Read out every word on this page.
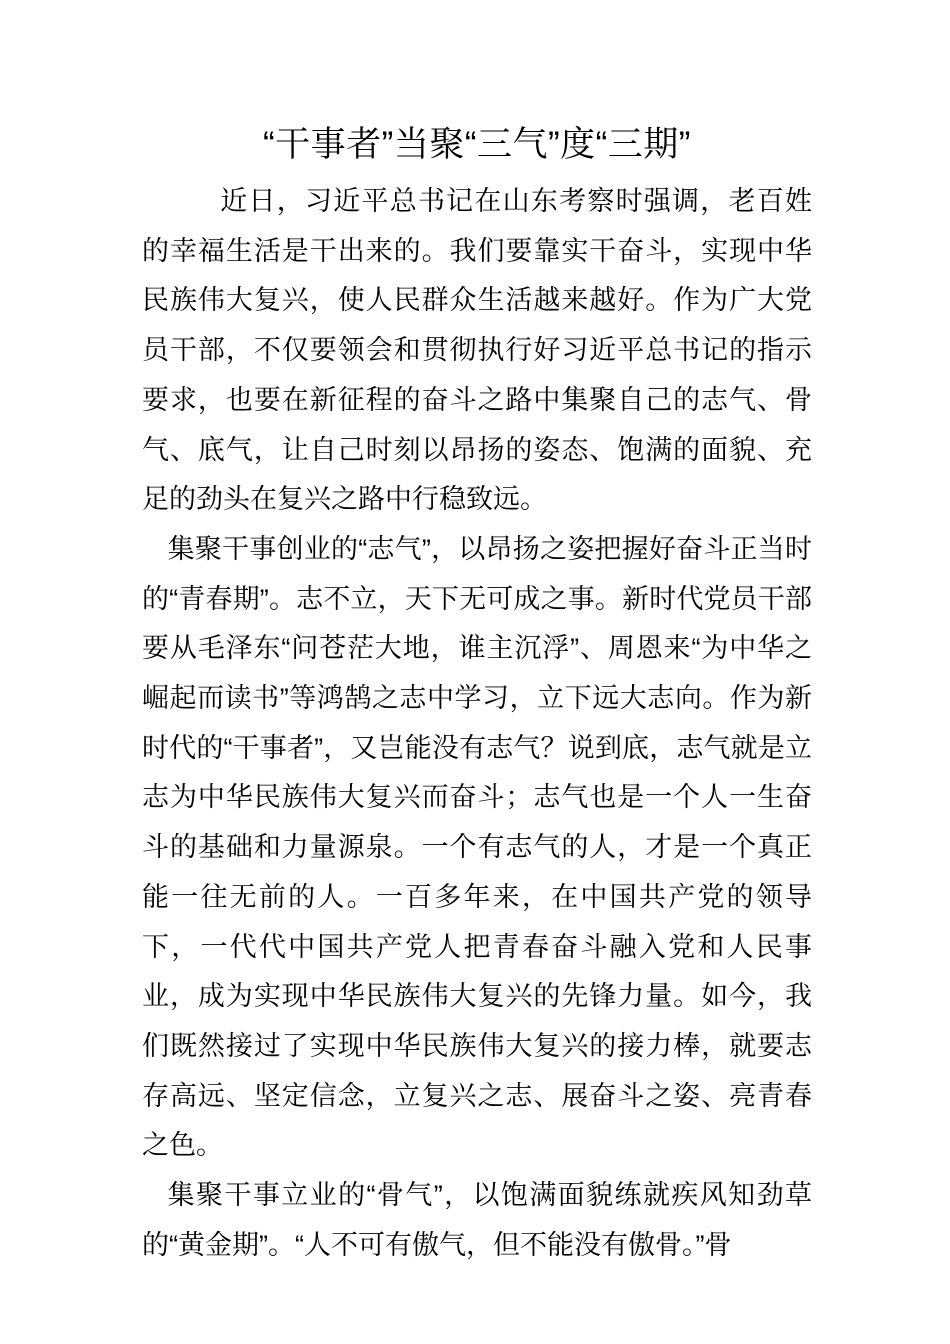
“干事者”当聚“三气”度“三期”

近日，习近平总书记在山东考察时强调，老百姓的幸福生活是干出来的。我们要靠实干奋斗，实现中华民族伟大复兴，使人民群众生活越来越好。作为广大党员干部，不仅要领会和贯彻执行好习近平总书记的指示要求，也要在新征程的奋斗之路中集聚自己的志气、骨气、底气，让自己时刻以昂扬的姿态、饱满的面貌、充足的劲头在复兴之路中行稳致远。

集聚干事创业的“志气”，以昂扬之姿把握好奋斗正当时的“青春期”。志不立，天下无可成之事。新时代党员干部要从毛泽东“问苍茫大地，谁主沉浮”、周恩来“为中华之崛起而读书”等鸿鹄之志中学习，立下远大志向。作为新时代的“干事者”，又岂能没有志气？说到底，志气就是立志为中华民族伟大复兴而奋斗；志气也是一个人一生奋斗的基础和力量源泉。一个有志气的人，才是一个真正能一往无前的人。一百多年来，在中国共产党的领导下，一代代中国共产党人把青春奋斗融入党和人民事业，成为实现中华民族伟大复兴的先锋力量。如今，我们既然接过了实现中华民族伟大复兴的接力棒，就要志存高远、坚定信念，立复兴之志、展奋斗之姿、亮青春之色。

集聚干事立业的“骨气”，以饱满面貌练就疾风知劲草的“黄金期”。“人不可有傲气，但不能没有傲骨。”骨
